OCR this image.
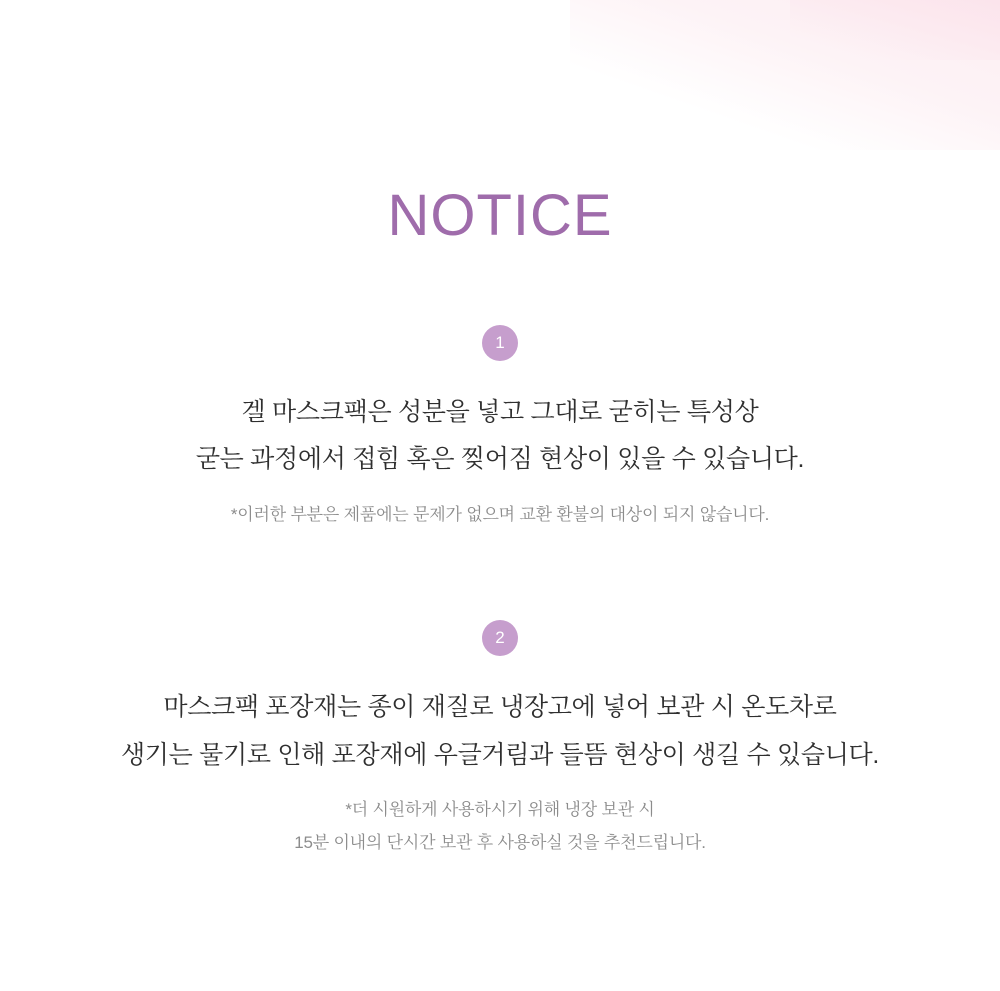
NOTICE
1
겔 마스크팩은 성분을 넣고 그대로 굳히는 특성상
굳는 과정에서 접힘 혹은 찢어짐 현상이 있을 수 있습니다.
*이러한 부분은 제품에는 문제가 없으며 교환 환불의 대상이 되지 않습니다.
2
마스크팩 포장재는 종이 재질로 냉장고에 넣어 보관 시 온도차로
생기는 물기로 인해 포장재에 우글거림과 들뜸 현상이 생길 수 있습니다.
*더 시원하게 사용하시기 위해 냉장 보관 시
15분 이내의 단시간 보관 후 사용하실 것을 추천드립니다.
